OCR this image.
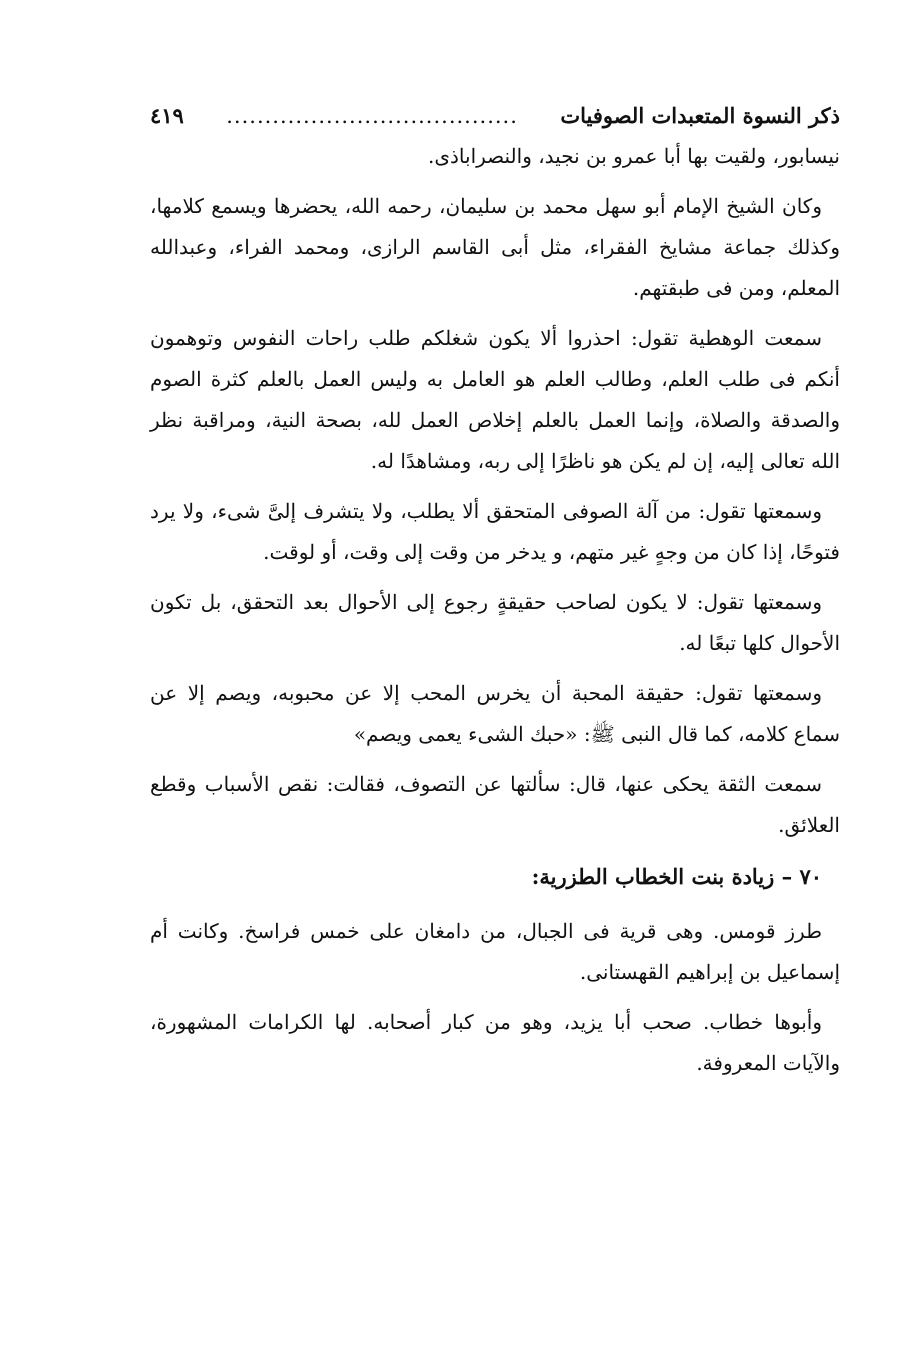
ذكر النسوة المتعبدات الصوفيات
......................................
٤١٩

نيسابور، ولقيت بها أبا عمرو بن نجيد، والنصراباذى.

وكان الشيخ الإمام أبو سهل محمد بن سليمان، رحمه الله، يحضرها ويسمع كلامها، وكذلك جماعة مشايخ الفقراء، مثل أبى القاسم الرازى، ومحمد الفراء، وعبدالله المعلم، ومن فى طبقتهم.

سمعت الوهطية تقول: احذروا ألا يكون شغلكم طلب راحات النفوس وتوهمون أنكم فى طلب العلم، وطالب العلم هو العامل به وليس العمل بالعلم كثرة الصوم والصدقة والصلاة، وإنما العمل بالعلم إخلاص العمل لله، بصحة النية، ومراقبة نظر الله تعالى إليه، إن لم يكن هو ناظرًا إلى ربه، ومشاهدًا له.

وسمعتها تقول: من آلة الصوفى المتحقق ألا يطلب، ولا يتشرف إلىَّ شىء، ولا يرد فتوحًا، إذا كان من وجهٍ غير متهم، و يدخر من وقت إلى وقت، أو لوقت.

وسمعتها تقول: لا يكون لصاحب حقيقةٍ رجوع إلى الأحوال بعد التحقق، بل تكون الأحوال كلها تبعًا له.

وسمعتها تقول: حقيقة المحبة أن يخرس المحب إلا عن محبوبه، ويصم إلا عن سماع كلامه، كما قال النبى ﷺ: «حبك الشىء يعمى ويصم»

سمعت الثقة يحكى عنها، قال: سألتها عن التصوف، فقالت: نقص الأسباب وقطع العلائق.

٧٠ – زيادة بنت الخطاب الطزرية:

طرز قومس. وهى قرية فى الجبال، من دامغان على خمس فراسخ. وكانت أم إسماعيل بن إبراهيم القهستانى.

وأبوها خطاب. صحب أبا يزيد، وهو من كبار أصحابه. لها الكرامات المشهورة، والآيات المعروفة.
